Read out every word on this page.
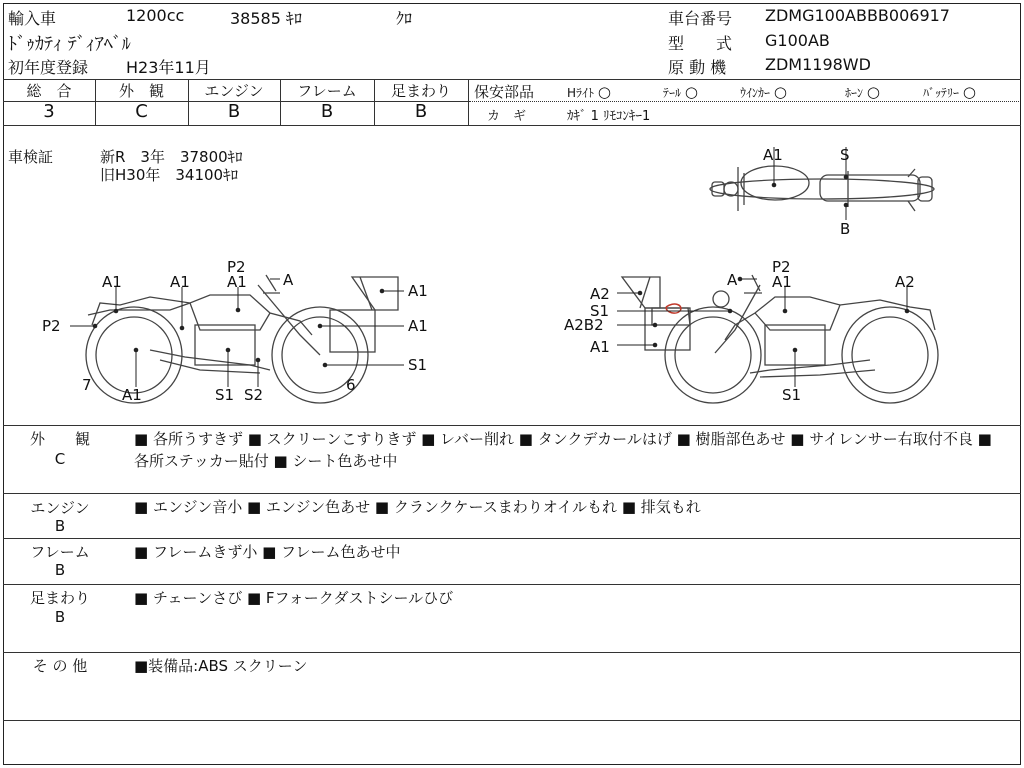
輸入車	1200cc	38585 ｷﾛ	ｸﾛ
ﾄﾞｩｶﾃｨ ﾃﾞｨｱﾍﾞﾙ
初年度登録 H23年11月
車台番号 ZDMG100ABBB006917
型　　式 G100AB
原 動 機 ZDM1198WD
総　合	外　観	エンジン	フレーム	足まわり
3	C	B	B	B
保安部品	Hﾗｲﾄ ○	ﾃｰﾙ ○	ｳｲﾝｶｰ ○	ﾎｰﾝ ○	ﾊﾞｯﾃﾘｰ ○
カ　ギ	ｶｷﾞ 1 ﾘﾓｺﾝｷｰ1
車検証	新R　3年　37800ｷﾛ
旧H30年　34100ｷﾛ
A1	S
B
P2
A
A1
A1	A1	A1
A1
P2
7
A1	S1 S2
6
S1
P2
A A1	A2
A2
S1
A2B2
A1
S1
外　　観
C
■ 各所うすきず ■ スクリーンこすりきず ■ レバー削れ ■ タンクデカールはげ ■ 樹脂部色あせ ■ サイレンサー右取付不良 ■ 各所ステッカー貼付 ■ シート色あせ中
エンジン
B
■ エンジン音小 ■ エンジン色あせ ■ クランクケースまわりオイルもれ ■ 排気もれ
フレーム
B
■ フレームきず小 ■ フレーム色あせ中
足まわり
B
■ チェーンさび ■ Fフォークダストシールひび
そ の 他	■装備品:ABS スクリーン
